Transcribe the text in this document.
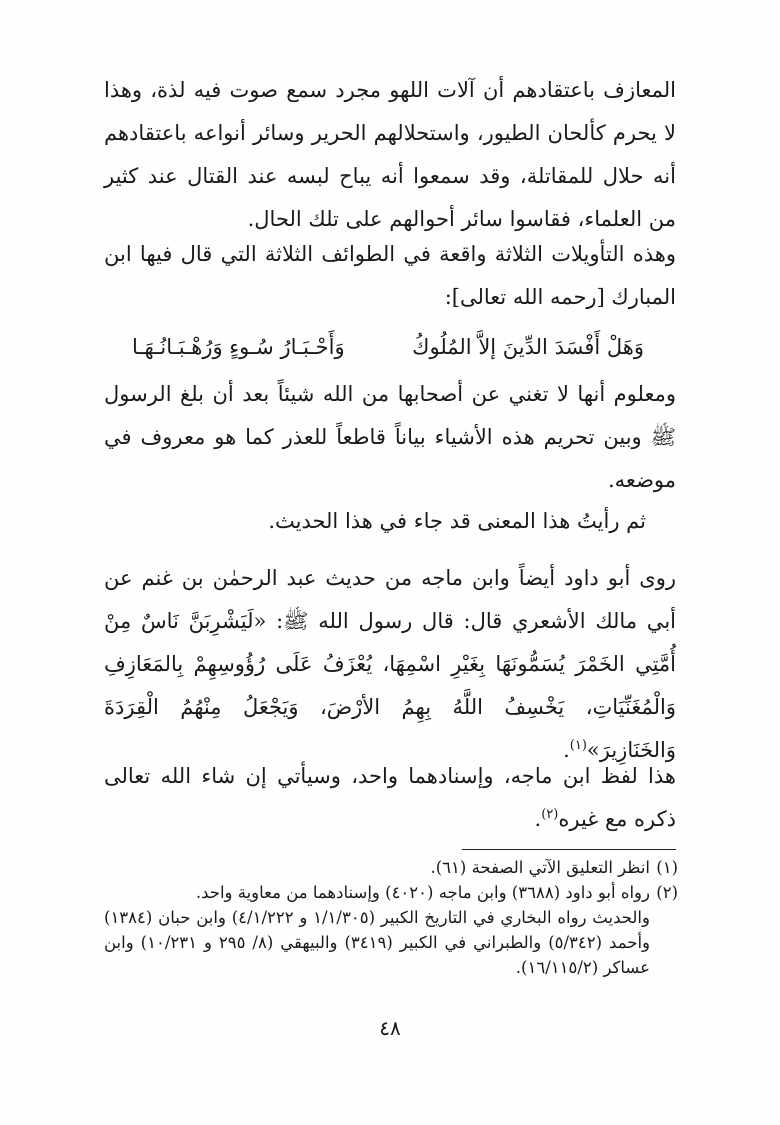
المعازف باعتقادهم أن آلات اللهو مجرد سمع صوت فيه لذة، وهذا لا يحرم كألحان الطيور، واستحلالهم الحرير وسائر أنواعه باعتقادهم أنه حلال للمقاتلة، وقد سمعوا أنه يباح لبسه عند القتال عند كثير من العلماء، فقاسوا سائر أحوالهم على تلك الحال.

وهذه التأويلات الثلاثة واقعة في الطوائف الثلاثة التي قال فيها ابن المبارك [رحمه الله تعالى]:

وَهَلْ أَفْسَدَ الدِّينَ إلاَّ المُلُوكُ
وَأَحْـبَـارُ سُـوءٍ وَرُهْـبَـانُـهَـا

ومعلوم أنها لا تغني عن أصحابها من الله شيئاً بعد أن بلغ الرسول ﷺ وبين تحريم هذه الأشياء بياناً قاطعاً للعذر كما هو معروف في موضعه.

ثم رأيتُ هذا المعنى قد جاء في هذا الحديث.

روى أبو داود أيضاً وابن ماجه من حديث عبد الرحمٰن بن غنم عن أبي مالك الأشعري قال: قال رسول الله ﷺ: «لَيَشْرِبَنَّ نَاسٌ مِنْ أُمَّتِي الخَمْرَ يُسَمُّونَهَا بِغَيْرِ اسْمِهَا، يُعْزَفُ عَلَى رُؤُوسِهِمْ بِالمَعَازِفِ وَالْمُغَنِّيَاتِ، يَخْسِفُ اللَّهُ بِهِمُ الأرْضَ، وَيَجْعَلُ مِنْهُمُ الْقِرَدَةَ وَالخَنَازِيرَ»$^{(١)}$.

هذا لفظ ابن ماجه، وإسنادهما واحد، وسيأتي إن شاء الله تعالى ذكره مع غيره$^{(٢)}$.

(١)انظر التعليق الآتي الصفحة (٦١).
(٢)رواه أبو داود (٣٦٨٨) وابن ماجه (٤٠٢٠) وإسنادهما من معاوية واحد.
والحديث رواه البخاري في التاريخ الكبير (١/١/٣٠٥ و ٤/١/٢٢٢) وابن حبان (١٣٨٤) وأحمد (٥/٣٤٢) والطبراني في الكبير (٣٤١٩) والبيهقي (٨/ ٢٩٥ و ١٠/٢٣١) وابن عساكر (١٦/١١٥/٢).
٤٨
